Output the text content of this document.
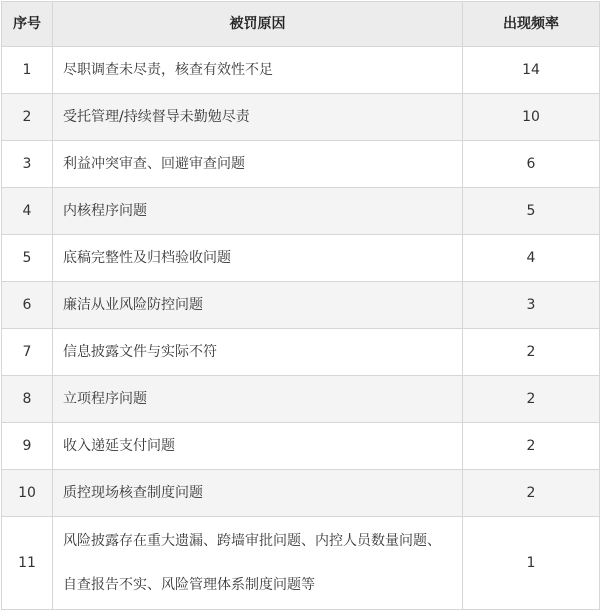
序号	被罚原因	出现频率
1	尽职调查未尽责，核查有效性不足	14
2	受托管理/持续督导未勤勉尽责	10
3	利益冲突审查、回避审查问题	6
4	内核程序问题	5
5	底稿完整性及归档验收问题	4
6	廉洁从业风险防控问题	3
7	信息披露文件与实际不符	2
8	立项程序问题	2
9	收入递延支付问题	2
10	质控现场核查制度问题	2
11	风险披露存在重大遗漏、跨墙审批问题、内控人员数量问题、
自查报告不实、风险管理体系制度问题等	1
